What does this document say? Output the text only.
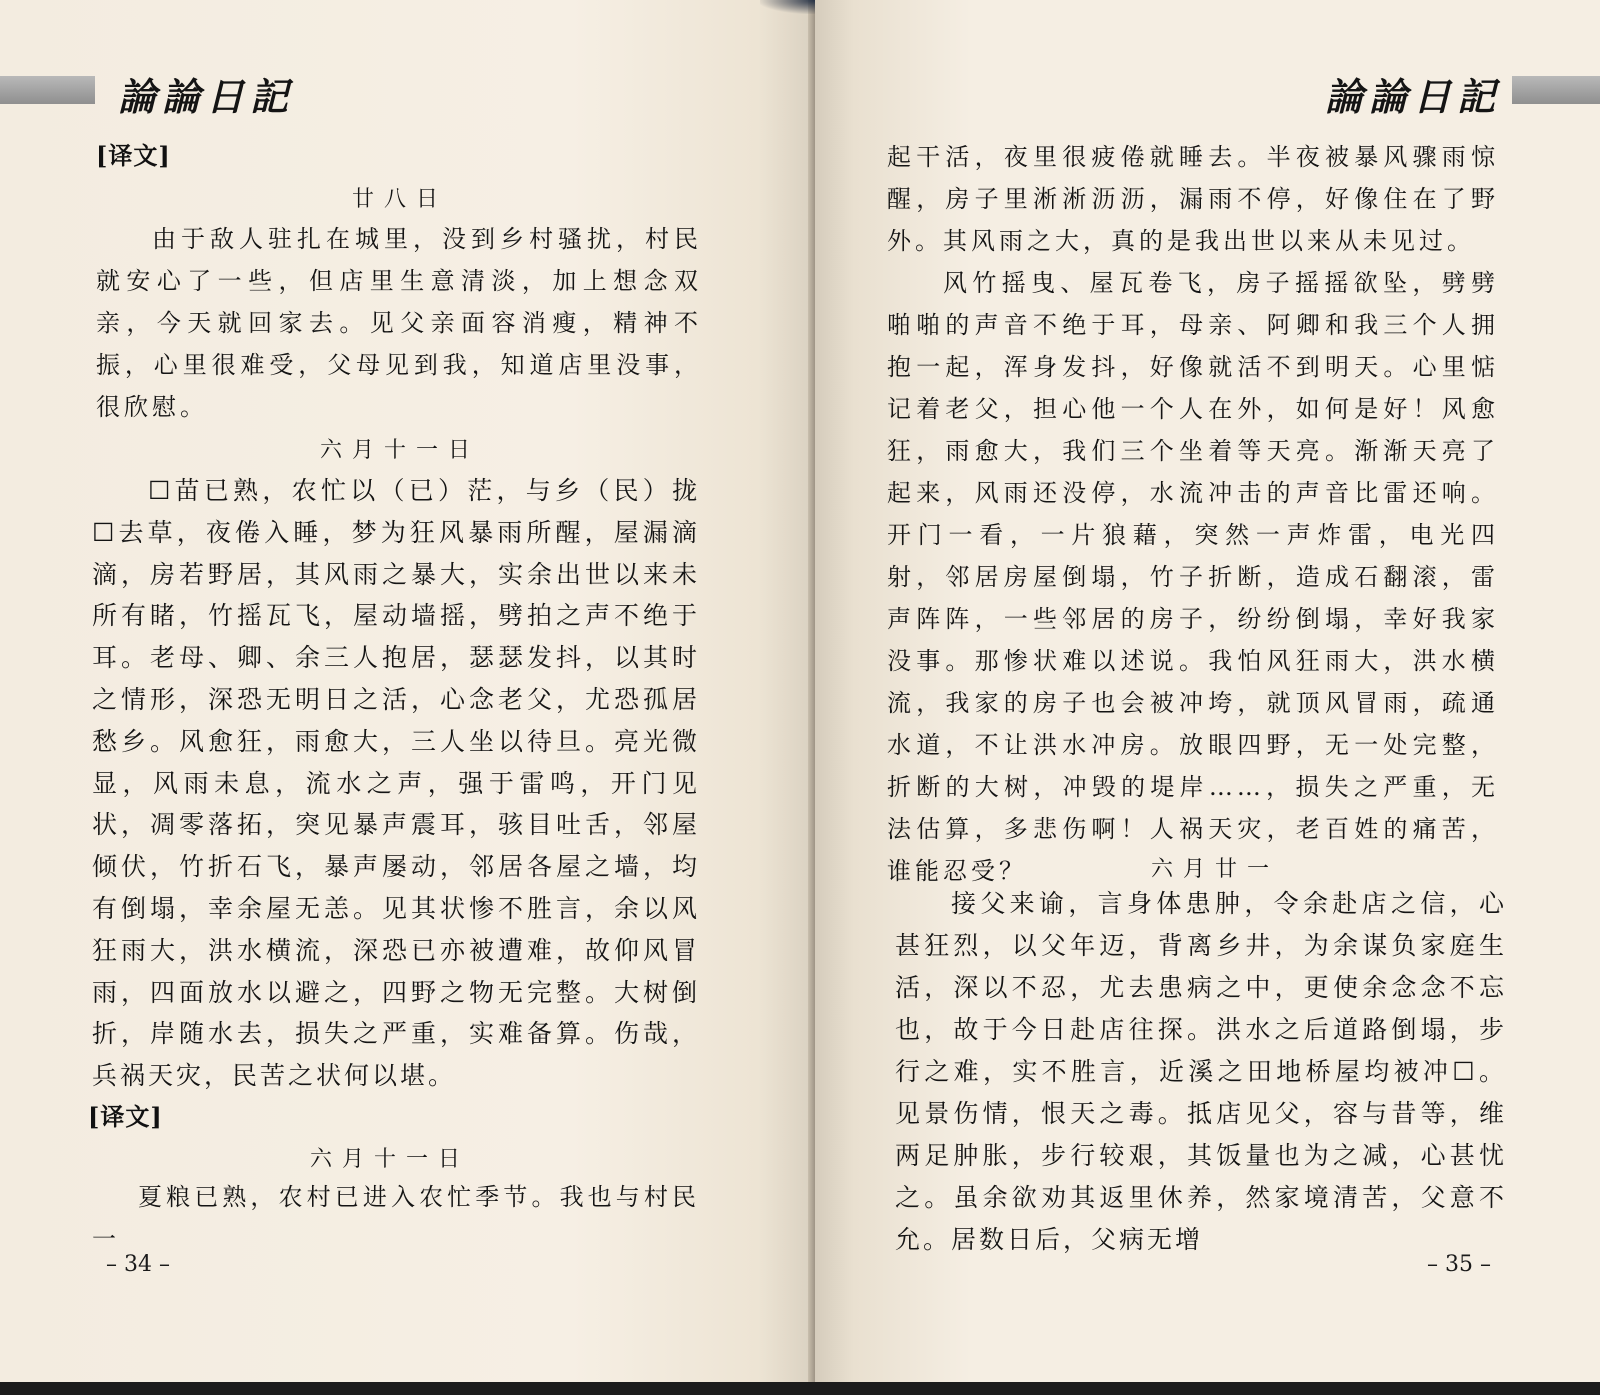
論論日記
[译文]
廿八日

由于敌人驻扎在城里，没到乡村骚扰，村民就安心了一些，但店里生意清淡，加上想念双亲，今天就回家去。见父亲面容消瘦，精神不振，心里很难受，父母见到我，知道店里没事，很欣慰。

六月十一日

☐苗已熟，农忙以（已）茫，与乡（民）拢☐去草，夜倦入睡，梦为狂风暴雨所醒，屋漏滴滴，房若野居，其风雨之暴大，实余出世以来未所有睹，竹摇瓦飞，屋动墙摇，劈拍之声不绝于耳。老母、卿、余三人抱居，瑟瑟发抖，以其时之情形，深恐无明日之活，心念老父，尤恐孤居愁乡。风愈狂，雨愈大，三人坐以待旦。亮光微显，风雨未息，流水之声，强于雷鸣，开门见状，凋零落拓，突见暴声震耳，骇目吐舌，邻屋倾伏，竹折石飞，暴声屡动，邻居各屋之墙，均有倒塌，幸余屋无恙。见其状惨不胜言，余以风狂雨大，洪水横流，深恐已亦被遭难，故仰风冒雨，四面放水以避之，四野之物无完整。大树倒折，岸随水去，损失之严重，实难备算。伤哉，兵祸天灾，民苦之状何以堪。

[译文]
六月十一日

夏粮已熟，农村已进入农忙季节。我也与村民一

– 34 –
論論日記

起干活，夜里很疲倦就睡去。半夜被暴风骤雨惊醒，房子里淅淅沥沥，漏雨不停，好像住在了野外。其风雨之大，真的是我出世以来从未见过。

风竹摇曳、屋瓦卷飞，房子摇摇欲坠，劈劈啪啪的声音不绝于耳，母亲、阿卿和我三个人拥抱一起，浑身发抖，好像就活不到明天。心里惦记着老父，担心他一个人在外，如何是好！风愈狂，雨愈大，我们三个坐着等天亮。渐渐天亮了起来，风雨还没停，水流冲击的声音比雷还响。开门一看，一片狼藉，突然一声炸雷，电光四射，邻居房屋倒塌，竹子折断，造成石翻滚，雷声阵阵，一些邻居的房子，纷纷倒塌，幸好我家没事。那惨状难以述说。我怕风狂雨大，洪水横流，我家的房子也会被冲垮，就顶风冒雨，疏通水道，不让洪水冲房。放眼四野，无一处完整，折断的大树，冲毁的堤岸……，损失之严重，无法估算，多悲伤啊！人祸天灾，老百姓的痛苦，谁能忍受？	六月廿一

接父来谕，言身体患肿，令余赴店之信，心甚狂烈，以父年迈，背离乡井，为余谋负家庭生活，深以不忍，尤去患病之中，更使余念念不忘也，故于今日赴店往探。洪水之后道路倒塌，步行之难，实不胜言，近溪之田地桥屋均被冲☐。见景伤情，恨天之毒。抵店见父，容与昔等，维两足肿胀，步行较艰，其饭量也为之减，心甚忧之。虽余欲劝其返里休养，然家境清苦，父意不允。居数日后，父病无增

– 35 –
